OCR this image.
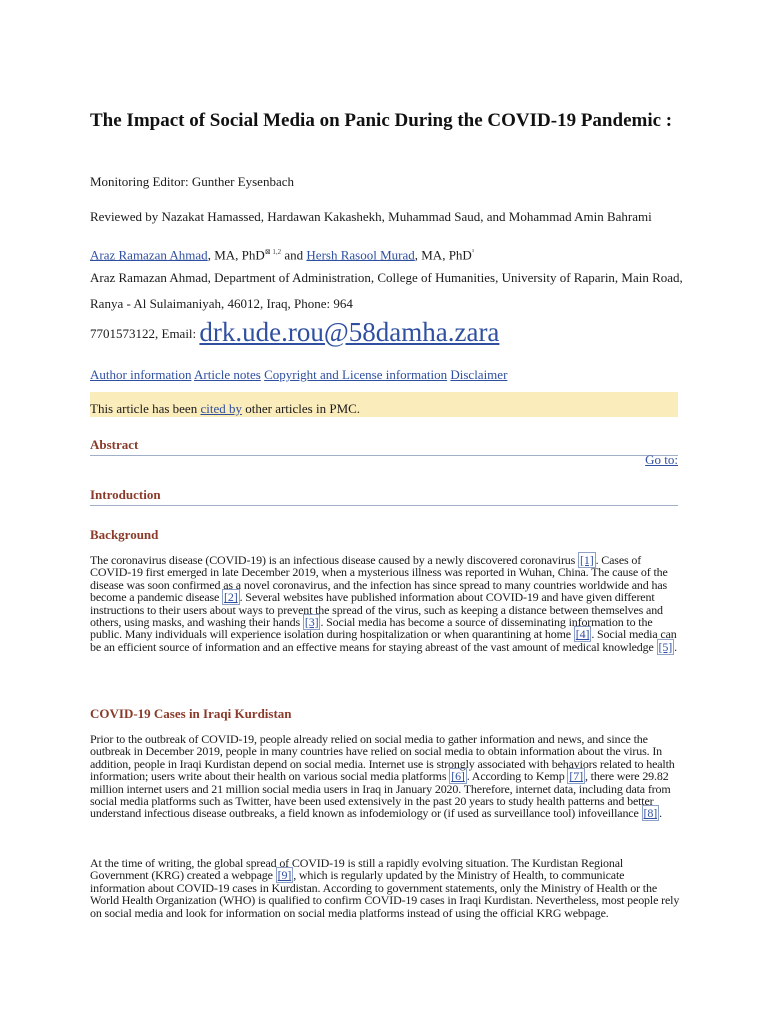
The Impact of Social Media on Panic During the COVID-19 Pandemic :
Monitoring Editor: Gunther Eysenbach
Reviewed by Nazakat Hamassed, Hardawan Kakashekh, Muhammad Saud, and Mohammad Amin Bahrami
Araz Ramazan Ahmad, MA, PhD$^{⊠ 1,2}$ and Hersh Rasool Murad, MA, PhD$^{^3}$
Araz Ramazan Ahmad, Department of Administration, College of Humanities, University of Raparin, Main Road,
Ranya - Al Sulaimaniyah, 46012, Iraq, Phone: 964
7701573122, Email: drk.ude.rou@58damha.zara
Author information Article notes Copyright and License information Disclaimer
This article has been cited by other articles in PMC.
Abstract
Go to:
Introduction
Background

The coronavirus disease (COVID-19) is an infectious disease caused by a newly discovered coronavirus [1] . Cases of COVID-19 first emerged in late December 2019, when a mysterious illness was reported in Wuhan, China. The cause of the disease was soon confirmed as a novel coronavirus, and the infection has since spread to many countries worldwide and has become a pandemic disease [2] . Several websites have published information about COVID-19 and have given different instructions to their users about ways to prevent the spread of the virus, such as keeping a distance between themselves and others, using masks, and washing their hands [3] . Social media has become a source of disseminating information to the public. Many individuals will experience isolation during hospitalization or when quarantining at home [4] . Social media can be an efficient source of information and an effective means for staying abreast of the vast amount of medical knowledge [5] .

COVID-19 Cases in Iraqi Kurdistan

Prior to the outbreak of COVID-19, people already relied on social media to gather information and news, and since the outbreak in December 2019, people in many countries have relied on social media to obtain information about the virus. In addition, people in Iraqi Kurdistan depend on social media. Internet use is strongly associated with behaviors related to health information; users write about their health on various social media platforms [6] . According to Kemp [7] , there were 29.82 million internet users and 21 million social media users in Iraq in January 2020. Therefore, internet data, including data from social media platforms such as Twitter, have been used extensively in the past 20 years to study health patterns and better understand infectious disease outbreaks, a field known as infodemiology or (if used as surveillance tool) infoveillance [8] .

At the time of writing, the global spread of COVID-19 is still a rapidly evolving situation. The Kurdistan Regional Government (KRG) created a webpage [9] , which is regularly updated by the Ministry of Health, to communicate information about COVID-19 cases in Kurdistan. According to government statements, only the Ministry of Health or the World Health Organization (WHO) is qualified to confirm COVID-19 cases in Iraqi Kurdistan. Nevertheless, most people rely on social media and look for information on social media platforms instead of using the official KRG webpage.
